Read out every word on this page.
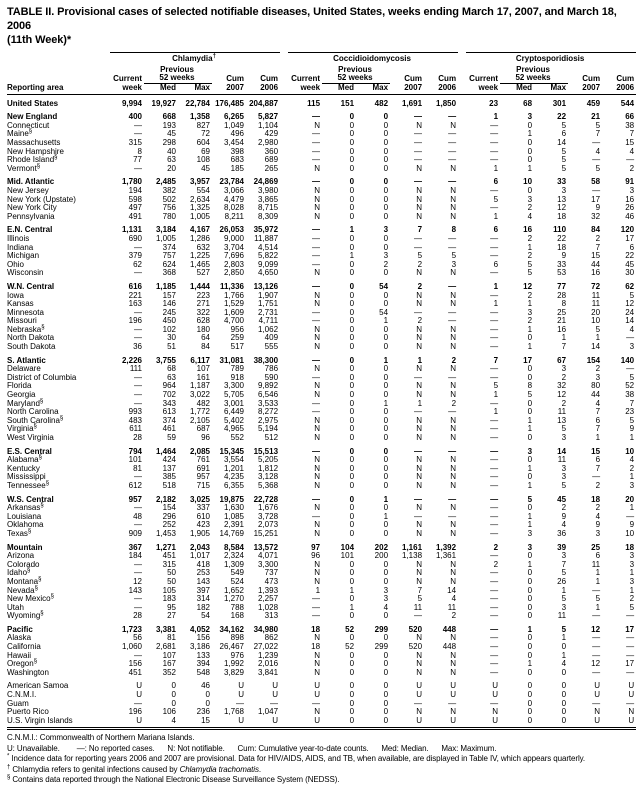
TABLE II. Provisional cases of selected notifiable diseases, United States, weeks ending March 17, 2007, and March 18, 2006
(11th Week)*
	Chlamydia†						Coccidioidomycosis						Cryptosporidiosis				
		Previous						Previous						Previous			
	Current	52 weeks		Cum	Cum		Current	52 weeks		Cum	Cum		Current	52 weeks		Cum	Cum
Reporting area	week	Med	Max	2007	2006		week	Med	Max	2007	2006		week	Med	Max	2007	2006
United States	9,994	19,927	22,784	176,485	204,887		115	151	482	1,691	1,850		23	68	301	459	544
New England	400	668	1,358	6,265	5,827		—	0	0	—	—		1	3	22	21	66
Connecticut	—	193	827	1,049	1,104		N	0	0	N	N		—	0	5	5	38
Maine§	—	45	72	496	429		—	0	0	—	—		—	1	6	7	7
Massachusetts	315	298	604	3,454	2,980		—	0	0	—	—		—	0	14	—	15
New Hampshire	8	40	69	398	360		—	0	0	—	—		—	0	5	4	4
Rhode Island§	77	63	108	683	689		—	0	0	—	—		—	0	5	—	—
Vermont§	—	20	45	185	265		N	0	0	N	N		1	1	5	5	2
Mid. Atlantic	1,780	2,485	3,957	23,784	24,869		—	0	0	—	—		6	10	33	58	91
New Jersey	194	382	554	3,066	3,980		N	0	0	N	N		—	0	3	—	3
New York (Upstate)	598	502	2,634	4,479	3,865		N	0	0	N	N		5	3	13	17	16
New York City	497	756	1,325	8,028	8,715		N	0	0	N	N		—	2	12	9	26
Pennsylvania	491	780	1,005	8,211	8,309		N	0	0	N	N		1	4	18	32	46
E.N. Central	1,131	3,184	4,167	26,053	35,972		—	1	3	7	8		6	16	110	84	120
Illinois	690	1,005	1,286	9,000	11,887		—	0	0	—	—		—	2	22	2	17
Indiana	—	374	632	3,704	4,514		—	0	0	—	—		—	1	18	7	6
Michigan	379	757	1,225	7,696	5,822		—	1	3	5	5		—	2	9	15	22
Ohio	62	624	1,465	2,803	9,099		—	0	2	2	3		6	5	33	44	45
Wisconsin	—	368	527	2,850	4,650		N	0	0	N	N		—	5	53	16	30
W.N. Central	616	1,185	1,444	11,336	13,126		—	0	54	2	—		1	12	77	72	62
Iowa	221	157	223	1,766	1,907		N	0	0	N	N		—	2	28	11	5
Kansas	163	146	271	1,529	1,751		N	0	0	N	N		1	1	8	11	12
Minnesota	—	245	322	1,609	2,731		—	0	54	—	—		—	3	25	20	24
Missouri	196	450	628	4,700	4,711		—	0	1	2	—		—	2	21	10	14
Nebraska§	—	102	180	956	1,062		N	0	0	N	N		—	1	16	5	4
North Dakota	—	30	64	259	409		N	0	0	N	N		—	0	1	1	—
South Dakota	36	51	84	517	555		N	0	0	N	N		—	1	7	14	3
S. Atlantic	2,226	3,755	6,117	31,081	38,300		—	0	1	1	2		7	17	67	154	140
Delaware	111	68	107	789	786		N	0	0	N	N		—	0	3	2	—
District of Columbia	—	63	161	918	590		—	0	0	—	—		—	0	2	3	5
Florida	—	964	1,187	3,300	9,892		N	0	0	N	N		5	8	32	80	52
Georgia	—	702	3,022	5,705	6,546		N	0	0	N	N		1	5	12	44	38
Maryland§	—	343	482	3,001	3,533		—	0	1	1	2		—	0	2	4	7
North Carolina	993	613	1,772	6,449	8,272		—	0	0	—	—		1	0	11	7	23
South Carolina§	483	374	2,105	5,402	2,975		N	0	0	N	N		—	1	13	6	5
Virginia§	611	461	687	4,965	5,194		N	0	0	N	N		—	1	5	7	9
West Virginia	28	59	96	552	512		N	0	0	N	N		—	0	3	1	1
E.S. Central	794	1,464	2,085	15,345	15,513		—	0	0	—	—		—	3	14	15	10
Alabama§	101	424	761	3,554	5,205		N	0	0	N	N		—	0	11	6	4
Kentucky	81	137	691	1,201	1,812		N	0	0	N	N		—	1	3	7	2
Mississippi	—	385	957	4,235	3,128		N	0	0	N	N		—	0	3	—	1
Tennessee§	612	518	715	6,355	5,368		N	0	0	N	N		—	1	5	2	3
W.S. Central	957	2,182	3,025	19,875	22,728		—	0	1	—	—		—	5	45	18	20
Arkansas§	—	154	337	1,630	1,676		N	0	0	N	N		—	0	2	2	1
Louisiana	48	296	610	1,085	3,728		—	0	1	—	—		—	1	9	4	—
Oklahoma	—	252	423	2,391	2,073		N	0	0	N	N		—	1	4	9	9
Texas§	909	1,453	1,905	14,769	15,251		N	0	0	N	N		—	3	36	3	10
Mountain	367	1,271	2,043	8,584	13,572		97	104	202	1,161	1,392		2	3	39	25	18
Arizona	184	451	1,017	2,324	4,071		96	101	200	1,138	1,361		—	0	3	6	3
Colorado	—	315	418	1,309	3,300		N	0	0	N	N		2	1	7	11	3
Idaho§	—	50	253	549	737		N	0	0	N	N		—	0	5	1	1
Montana§	12	50	143	524	473		N	0	0	N	N		—	0	26	1	3
Nevada§	143	105	397	1,652	1,393		1	1	3	7	14		—	0	1	—	1
New Mexico§	—	183	314	1,270	2,257		—	0	3	5	4		—	0	5	5	2
Utah	—	95	182	788	1,028		—	1	4	11	11		—	0	3	1	5
Wyoming§	28	27	54	168	313		—	0	0	—	2		—	0	11	—	—
Pacific	1,723	3,381	4,052	34,162	34,980		18	52	299	520	448		—	1	5	12	17
Alaska	56	81	156	898	862		N	0	0	N	N		—	0	1	—	—
California	1,060	2,681	3,186	26,467	27,022		18	52	299	520	448		—	0	0	—	—
Hawaii	—	107	133	976	1,239		N	0	0	N	N		—	0	1	—	—
Oregon§	156	167	394	1,992	2,016		N	0	0	N	N		—	1	4	12	17
Washington	451	352	548	3,829	3,841		N	0	0	N	N		—	0	0	—	—
American Samoa	U	0	46	U	U		U	0	0	U	U		U	0	0	U	U
C.N.M.I.	U	0	0	U	U		U	0	0	U	U		U	0	0	U	U
Guam	—	0	0	—	—		—	0	0	—	—		—	0	0	—	—
Puerto Rico	196	106	236	1,768	1,047		N	0	0	N	N		N	0	0	N	N
U.S. Virgin Islands	U	4	15	U	U		U	0	0	U	U		U	0	0	U	U
C.N.M.I.: Commonwealth of Northern Mariana Islands.
U: Unavailable.        —: No reported cases.      N: Not notifiable.      Cum: Cumulative year-to-date counts.      Med: Median.      Max: Maximum.
* Incidence data for reporting years 2006 and 2007 are provisional. Data for HIV/AIDS, AIDS, and TB, when available, are displayed in Table IV, which appears quarterly.
† Chlamydia refers to genital infections caused by Chlamydia trachomatis.
§ Contains data reported through the National Electronic Disease Surveillance System (NEDSS).
